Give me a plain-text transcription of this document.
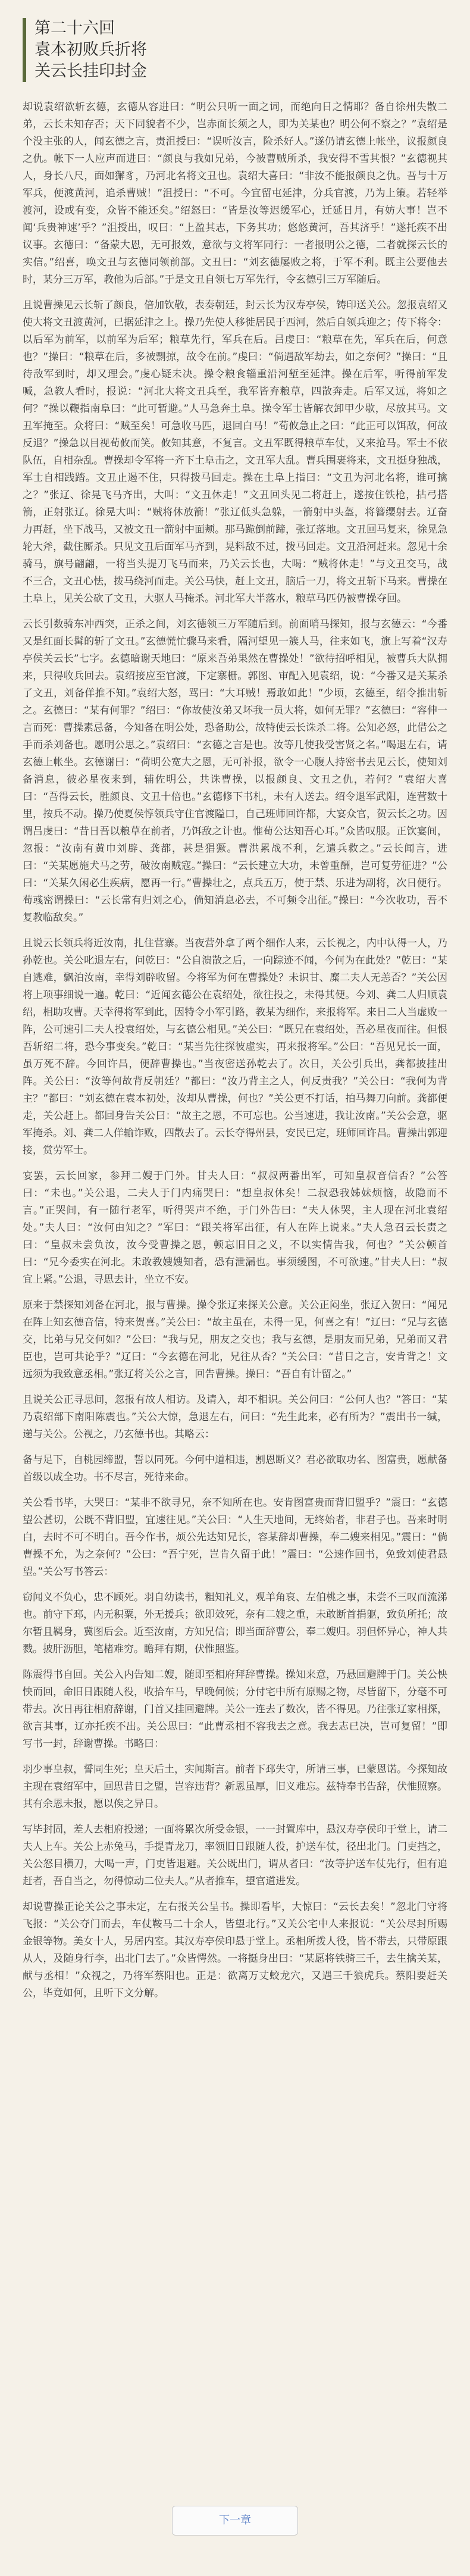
第二十六回

袁本初败兵折将

关云长挂印封金

却说袁绍欲斩玄德，玄德从容进曰：“明公只听一面之词，而绝向日之情耶？备自徐州失散二弟，云长未知存否；天下同貌者不少，岂赤面长须之人，即为关某也？明公何不察之？”袁绍是个没主张的人，闻玄德之言，责沮授曰：“误听汝言，险杀好人。”遂仍请玄德上帐坐，议报颜良之仇。帐下一人应声而进曰：“颜良与我如兄弟，今被曹贼所杀，我安得不雪其恨？”玄德视其人，身长八尺，面如獬豸，乃河北名将文丑也。袁绍大喜曰：“非汝不能报颜良之仇。吾与十万军兵，便渡黄河，追杀曹贼！”沮授曰：“不可。今宜留屯延津，分兵官渡，乃为上策。若轻举渡河，设或有变，众皆不能还矣。”绍怒曰：“皆是汝等迟缓军心，迁延日月，有妨大事！岂不闻‘兵贵神速’乎？”沮授出，叹曰：“上盈其志，下务其功；悠悠黄河，吾其济乎！”遂托疾不出议事。玄德曰：“备蒙大恩，无可报效，意欲与文将军同行：一者报明公之德，二者就探云长的实信。”绍喜，唤文丑与玄德同领前部。文丑曰：“刘玄德屡败之将，于军不利。既主公要他去时，某分三万军，教他为后部。”于是文丑自领七万军先行，令玄德引三万军随后。

且说曹操见云长斩了颜良，倍加钦敬，表奏朝廷，封云长为汉寿亭侯，铸印送关公。忽报袁绍又使大将文丑渡黄河，已据延津之上。操乃先使人移徙居民于西河，然后自领兵迎之；传下将令：以后军为前军，以前军为后军；粮草先行，军兵在后。吕虔曰：“粮草在先，军兵在后，何意也？”操曰：“粮草在后，多被剽掠，故令在前。”虔曰：“倘遇敌军劫去，如之奈何？”操曰：“且待敌军到时，却又理会。”虔心疑未决。操令粮食辎重沿河堑至延津。操在后军，听得前军发喊，急教人看时，报说：“河北大将文丑兵至，我军皆弃粮草，四散奔走。后军又远，将如之何？”操以鞭指南阜曰：“此可暂避。”人马急奔土阜。操令军士皆解衣卸甲少歇，尽放其马。文丑军掩至。众将曰：“贼至矣！可急收马匹，退回白马！”荀攸急止之曰：“此正可以饵敌，何故反退？”操急以目视荀攸而笑。攸知其意，不复言。文丑军既得粮草车仗，又来抢马。军士不依队伍，自相杂乱。曹操却令军将一齐下土阜击之，文丑军大乱。曹兵围裹将来，文丑挺身独战，军士自相践踏。文丑止遏不住，只得拨马回走。操在土阜上指曰：“文丑为河北名将，谁可擒之？”张辽、徐晃飞马齐出，大叫：“文丑休走！”文丑回头见二将赶上，遂按住铁枪，拈弓搭箭，正射张辽。徐晃大叫：“贼将休放箭！”张辽低头急躲，一箭射中头盔，将簪缨射去。辽奋力再赶，坐下战马，又被文丑一箭射中面颊。那马跪倒前蹄，张辽落地。文丑回马复来，徐晃急轮大斧，截住厮杀。只见文丑后面军马齐到，晃料敌不过，拨马回走。文丑沿河赶来。忽见十余骑马，旗号翩翩，一将当头提刀飞马而来，乃关云长也，大喝：“贼将休走！”与文丑交马，战不三合，文丑心怯，拨马绕河而走。关公马快，赶上文丑，脑后一刀，将文丑斩下马来。曹操在土阜上，见关公砍了文丑，大驱人马掩杀。河北军大半落水，粮草马匹仍被曹操夺回。

云长引数骑东冲西突，正杀之间，刘玄德领三万军随后到。前面哨马探知，报与玄德云：“今番又是红面长髯的斩了文丑。”玄德慌忙骤马来看，隔河望见一簇人马，往来如飞，旗上写着“汉寿亭侯关云长”七字。玄德暗谢天地曰：“原来吾弟果然在曹操处！”欲待招呼相见，被曹兵大队拥来，只得收兵回去。袁绍接应至官渡，下定寨栅。郭图、审配入见袁绍，说：“今番又是关某杀了文丑，刘备佯推不知。”袁绍大怒，骂曰：“大耳贼！焉敢如此！”少顷，玄德至，绍令推出斩之。玄德曰：“某有何罪？”绍曰：“你故使汝弟又坏我一员大将，如何无罪？”玄德曰：“容伸一言而死：曹操素忌备，今知备在明公处，恐备助公，故特使云长诛杀二将。公知必怒，此借公之手而杀刘备也。愿明公思之。”袁绍曰：“玄德之言是也。汝等几使我受害贤之名。”喝退左右，请玄德上帐坐。玄德谢曰：“荷明公宽大之恩，无可补报，欲令一心腹人持密书去见云长，使知刘备消息，彼必星夜来到，辅佐明公，共诛曹操，以报颜良、文丑之仇，若何？”袁绍大喜曰：“吾得云长，胜颜良、文丑十倍也。”玄德修下书札，未有人送去。绍令退军武阳，连营数十里，按兵不动。操乃使夏侯惇领兵守住官渡隘口，自己班师回许都，大宴众官，贺云长之功。因谓吕虔曰：“昔日吾以粮草在前者，乃饵敌之计也。惟荀公达知吾心耳。”众皆叹服。正饮宴间，忽报：“汝南有黄巾刘辟、龚都，甚是猖獗。曹洪累战不利，乞遣兵救之。”云长闻言，进曰：“关某愿施犬马之劳，破汝南贼寇。”操曰：“云长建立大功，未曾重酬，岂可复劳征进？”公曰：“关某久闲必生疾病，愿再一行。”曹操壮之，点兵五万，使于禁、乐进为副将，次日便行。荀彧密谓操曰：“云长常有归刘之心，倘知消息必去，不可频令出征。”操曰：“今次收功，吾不复教临敌矣。”

且说云长领兵将近汝南，扎住营寨。当夜营外拿了两个细作人来，云长视之，内中认得一人，乃孙乾也。关公叱退左右，问乾曰：“公自溃散之后，一向踪迹不闻，今何为在此处？”乾曰：“某自逃难，飘泊汝南，幸得刘辟收留。今将军为何在曹操处？未识甘、糜二夫人无恙否？”关公因将上项事细说一遍。乾曰：“近闻玄德公在袁绍处，欲往投之，未得其便。今刘、龚二人归顺袁绍，相助攻曹。天幸得将军到此，因特令小军引路，教某为细作，来报将军。来日二人当虚败一阵，公可速引二夫人投袁绍处，与玄德公相见。”关公曰：“既兄在袁绍处，吾必星夜而往。但恨吾斩绍二将，恐今事变矣。”乾曰：“某当先往探彼虚实，再来报将军。”公曰：“吾见兄长一面，虽万死不辞。今回许昌，便辞曹操也。”当夜密送孙乾去了。次日，关公引兵出，龚都披挂出阵。关公曰：“汝等何故背反朝廷？”都曰：“汝乃背主之人，何反责我？”关公曰：“我何为背主？”都曰：“刘玄德在袁本初处，汝却从曹操，何也？”关公更不打话，拍马舞刀向前。龚都便走，关公赶上。都回身告关公曰：“故主之恩，不可忘也。公当速进，我让汝南。”关公会意，驱军掩杀。刘、龚二人佯输诈败，四散去了。云长夺得州县，安民已定，班师回许昌。曹操出郭迎接，赏劳军士。

宴罢，云长回家，参拜二嫂于门外。甘夫人曰：“叔叔两番出军，可知皇叔音信否？”公答曰：“未也。”关公退，二夫人于门内痛哭曰：“想皇叔休矣！二叔恐我姊妹烦恼，故隐而不言。”正哭间，有一随行老军，听得哭声不绝，于门外告曰：“夫人休哭，主人现在河北袁绍处。”夫人曰：“汝何由知之？”军曰：“跟关将军出征，有人在阵上说来。”夫人急召云长责之曰：“皇叔未尝负汝，汝今受曹操之恩，顿忘旧日之义，不以实情告我，何也？”关公顿首曰：“兄今委实在河北。未敢教嫂嫂知者，恐有泄漏也。事须缓图，不可欲速。”甘夫人曰：“叔宜上紧。”公退，寻思去计，坐立不安。

原来于禁探知刘备在河北，报与曹操。操令张辽来探关公意。关公正闷坐，张辽入贺曰：“闻兄在阵上知玄德音信，特来贺喜。”关公曰：“故主虽在，未得一见，何喜之有！”辽曰：“兄与玄德交，比弟与兄交何如？”公曰：“我与兄，朋友之交也；我与玄德，是朋友而兄弟，兄弟而又君臣也，岂可共论乎？”辽曰：“今玄德在河北，兄往从否？”关公曰：“昔日之言，安肯背之！文远须为我致意丞相。”张辽将关公之言，回告曹操。操曰：“吾自有计留之。”

且说关公正寻思间，忽报有故人相访。及请入，却不相识。关公问曰：“公何人也？”答曰：“某乃袁绍部下南阳陈震也。”关公大惊，急退左右，问曰：“先生此来，必有所为？”震出书一缄，递与关公。公视之，乃玄德书也。其略云：

备与足下，自桃园缔盟，誓以同死。今何中道相违，割恩断义？君必欲取功名、图富贵，愿献备首级以成全功。书不尽言，死待来命。

关公看书毕，大哭曰：“某非不欲寻兄，奈不知所在也。安肯图富贵而背旧盟乎？”震曰：“玄德望公甚切，公既不背旧盟，宜速往见。”关公曰：“人生天地间，无终始者，非君子也。吾来时明白，去时不可不明白。吾今作书，烦公先达知兄长，容某辞却曹操，奉二嫂来相见。”震曰：“倘曹操不允，为之奈何？”公曰：“吾宁死，岂肯久留于此！”震曰：“公速作回书，免致刘使君悬望。”关公写书答云：

窃闻义不负心，忠不顾死。羽自幼读书，粗知礼义，观羊角哀、左伯桃之事，未尝不三叹而流涕也。前守下邳，内无积粟，外无援兵；欲即效死，奈有二嫂之重，未敢断首捐躯，致负所托；故尔暂且羁身，冀图后会。近至汝南，方知兄信；即当面辞曹公，奉二嫂归。羽但怀异心，神人共戮。披肝沥胆，笔楮难穷。瞻拜有期，伏惟照鉴。

陈震得书自回。关公入内告知二嫂，随即至相府拜辞曹操。操知来意，乃悬回避牌于门。关公怏怏而回，命旧日跟随人役，收拾车马，早晚伺候；分付宅中所有原赐之物，尽皆留下，分毫不可带去。次日再往相府辞谢，门首又挂回避牌。关公一连去了数次，皆不得见。乃往张辽家相探，欲言其事，辽亦托疾不出。关公思曰：“此曹丞相不容我去之意。我去志已决，岂可复留！”即写书一封，辞谢曹操。书略曰：

羽少事皇叔，誓同生死；皇天后土，实闻斯言。前者下邳失守，所请三事，已蒙恩诺。今探知故主现在袁绍军中，回思昔日之盟，岂容违背？新恩虽厚，旧义难忘。兹特奉书告辞，伏惟照察。其有余恩未报，愿以俟之异日。

写毕封固，差人去相府投递；一面将累次所受金银，一一封置库中，悬汉寿亭侯印于堂上，请二夫人上车。关公上赤兔马，手提青龙刀，率领旧日跟随人役，护送车仗，径出北门。门吏挡之，关公怒目横刀，大喝一声，门吏皆退避。关公既出门，谓从者曰：“汝等护送车仗先行，但有追赶者，吾自当之，勿得惊动二位夫人。”从者推车，望官道进发。

却说曹操正论关公之事未定，左右报关公呈书。操即看毕，大惊曰：“云长去矣！”忽北门守将飞报：“关公夺门而去，车仗鞍马二十余人，皆望北行。”又关公宅中人来报说：“关公尽封所赐金银等物。美女十人，另居内室。其汉寿亭侯印悬于堂上。丞相所拨人役，皆不带去，只带原跟从人，及随身行李，出北门去了。”众皆愕然。一将挺身出曰：“某愿将铁骑三千，去生擒关某，献与丞相！”众视之，乃将军蔡阳也。正是：欲离万丈蛟龙穴，又遇三千狼虎兵。蔡阳要赶关公，毕竟如何，且听下文分解。

下一章
